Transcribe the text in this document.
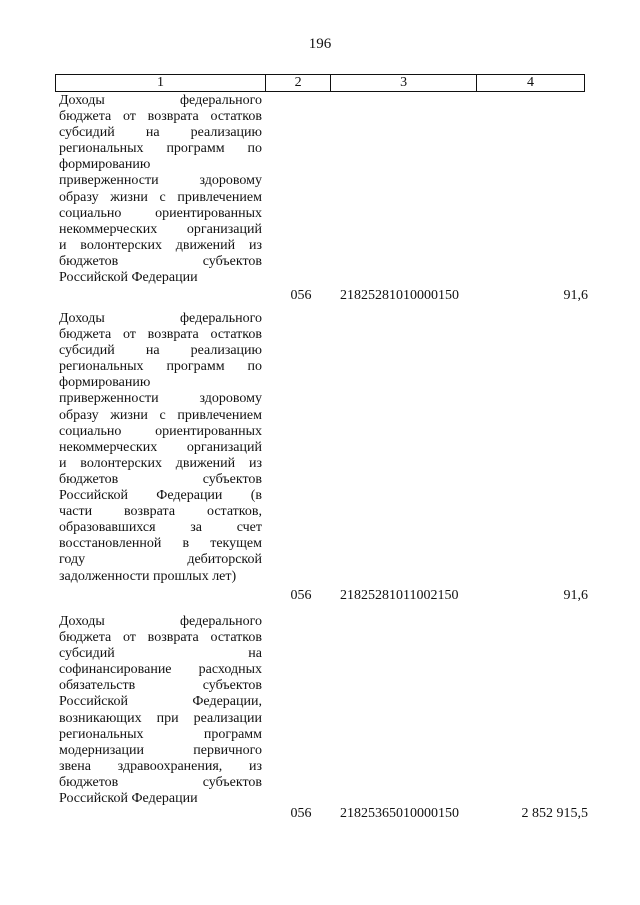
196
1	2	3	4
Доходы федерального
бюджета от возврата остатков
субсидий на реализацию
региональных программ по
формированию
приверженности здоровому
образу жизни с привлечением
социально ориентированных
некоммерческих организаций
и волонтерских движений из
бюджетов субъектов
Российской Федерации
056	21825281010000150	91,6
Доходы федерального
бюджета от возврата остатков
субсидий на реализацию
региональных программ по
формированию
приверженности здоровому
образу жизни с привлечением
социально ориентированных
некоммерческих организаций
и волонтерских движений из
бюджетов субъектов
Российской Федерации (в
части возврата остатков,
образовавшихся за счет
восстановленной в текущем
году дебиторской
задолженности прошлых лет)
056	21825281011002150	91,6
Доходы федерального
бюджета от возврата остатков
субсидий на
софинансирование расходных
обязательств субъектов
Российской Федерации,
возникающих при реализации
региональных программ
модернизации первичного
звена здравоохранения, из
бюджетов субъектов
Российской Федерации
056	21825365010000150	2 852 915,5
